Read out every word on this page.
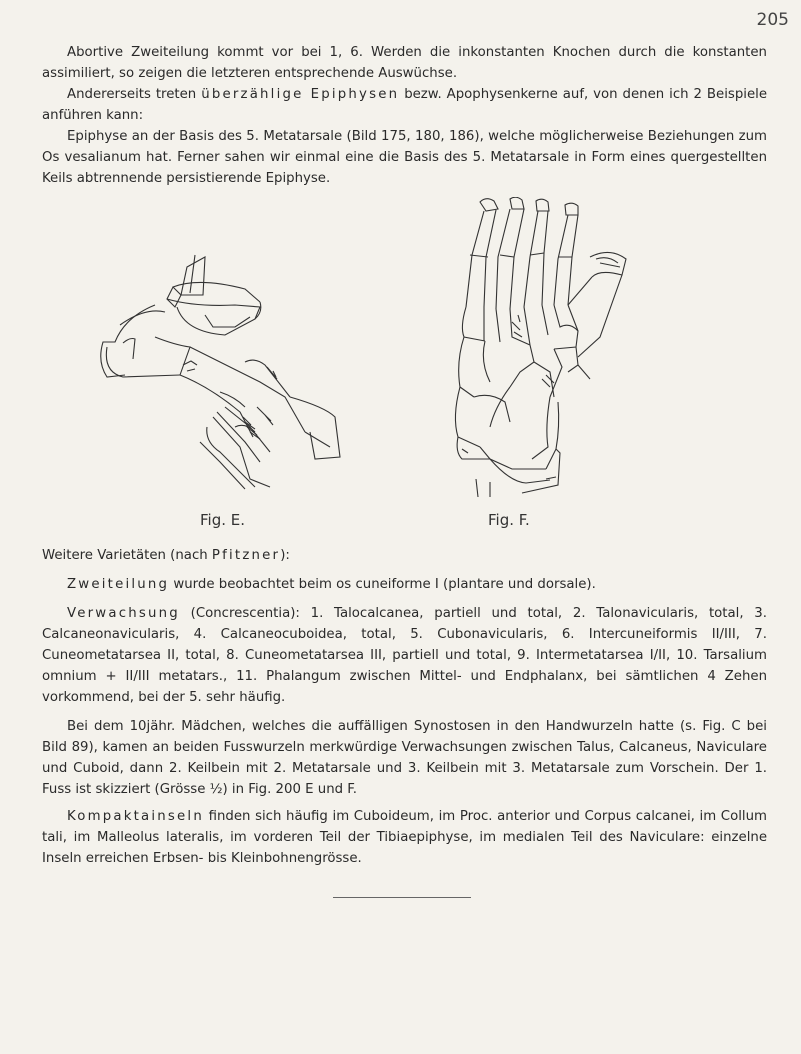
205

Abortive Zweiteilung kommt vor bei 1, 6. Werden die inkonstanten Knochen durch die konstanten assimiliert, so zeigen die letzteren entsprechende Auswüchse.

Andererseits treten überzählige Epiphysen bezw. Apophysenkerne auf, von denen ich 2 Beispiele anführen kann:

Epiphyse an der Basis des 5. Metatarsale (Bild 175, 180, 186), welche möglicherweise Beziehungen zum Os vesalianum hat. Ferner sahen wir einmal eine die Basis des 5. Metatarsale in Form eines quergestellten Keils abtrennende persistierende Epiphyse.

Fig. E.	Fig. F.

Weitere Varietäten (nach Pfitzner):

Zweiteilung wurde beobachtet beim os cuneiforme I (plantare und dorsale).

Verwachsung (Concrescentia): 1. Talocalcanea, partiell und total, 2. Talonavicularis, total, 3. Calcaneonavicularis, 4. Calcaneocuboidea, total, 5. Cubonavicularis, 6. Intercuneiformis II/III, 7. Cuneometatarsea II, total, 8. Cuneometatarsea III, partiell und total, 9. Intermetatarsea I/II, 10. Tarsalium omnium + II/III metatars., 11. Phalangum zwischen Mittel- und Endphalanx, bei sämtlichen 4 Zehen vorkommend, bei der 5. sehr häufig.

Bei dem 10jähr. Mädchen, welches die auffälligen Synostosen in den Handwurzeln hatte (s. Fig. C bei Bild 89), kamen an beiden Fusswurzeln merkwürdige Verwachsungen zwischen Talus, Calcaneus, Naviculare und Cuboid, dann 2. Keilbein mit 2. Metatarsale und 3. Keilbein mit 3. Metatarsale zum Vorschein. Der 1. Fuss ist skizziert (Grösse ½) in Fig. 200 E und F.

Kompaktainseln finden sich häufig im Cuboideum, im Proc. anterior und Corpus calcanei, im Collum tali, im Malleolus lateralis, im vorderen Teil der Tibiaepiphyse, im medialen Teil des Naviculare: einzelne Inseln erreichen Erbsen- bis Kleinbohnengrösse.
